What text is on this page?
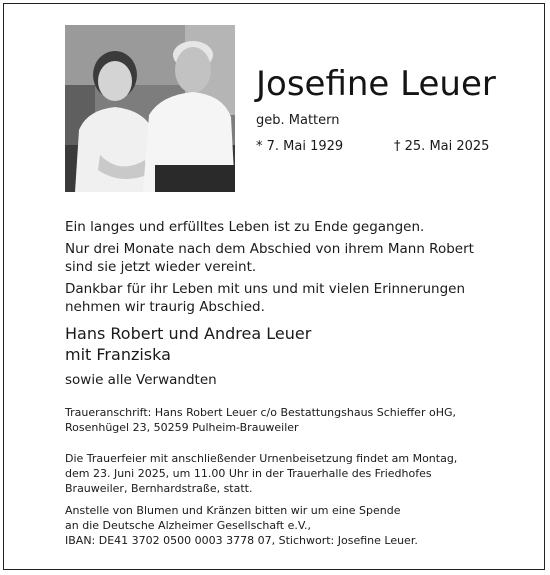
Josefine Leuer
geb. Mattern
* 7. Mai 1929	† 25. Mai 2025

Ein langes und erfülltes Leben ist zu Ende gegangen.

Nur drei Monate nach dem Abschied von ihrem Mann Robert
sind sie jetzt wieder vereint.

Dankbar für ihr Leben mit uns und mit vielen Erinnerungen
nehmen wir traurig Abschied.

Hans Robert und Andrea Leuer
mit Franziska
sowie alle Verwandten
Traueranschrift: Hans Robert Leuer c/o Bestattungshaus Schieffer oHG,
Rosenhügel 23, 50259 Pulheim-Brauweiler
Die Trauerfeier mit anschließender Urnenbeisetzung findet am Montag,
dem 23. Juni 2025, um 11.00 Uhr in der Trauerhalle des Friedhofes
Brauweiler, Bernhardstraße, statt.
Anstelle von Blumen und Kränzen bitten wir um eine Spende
an die Deutsche Alzheimer Gesellschaft e.V.,
IBAN: DE41 3702 0500 0003 3778 07, Stichwort: Josefine Leuer.
